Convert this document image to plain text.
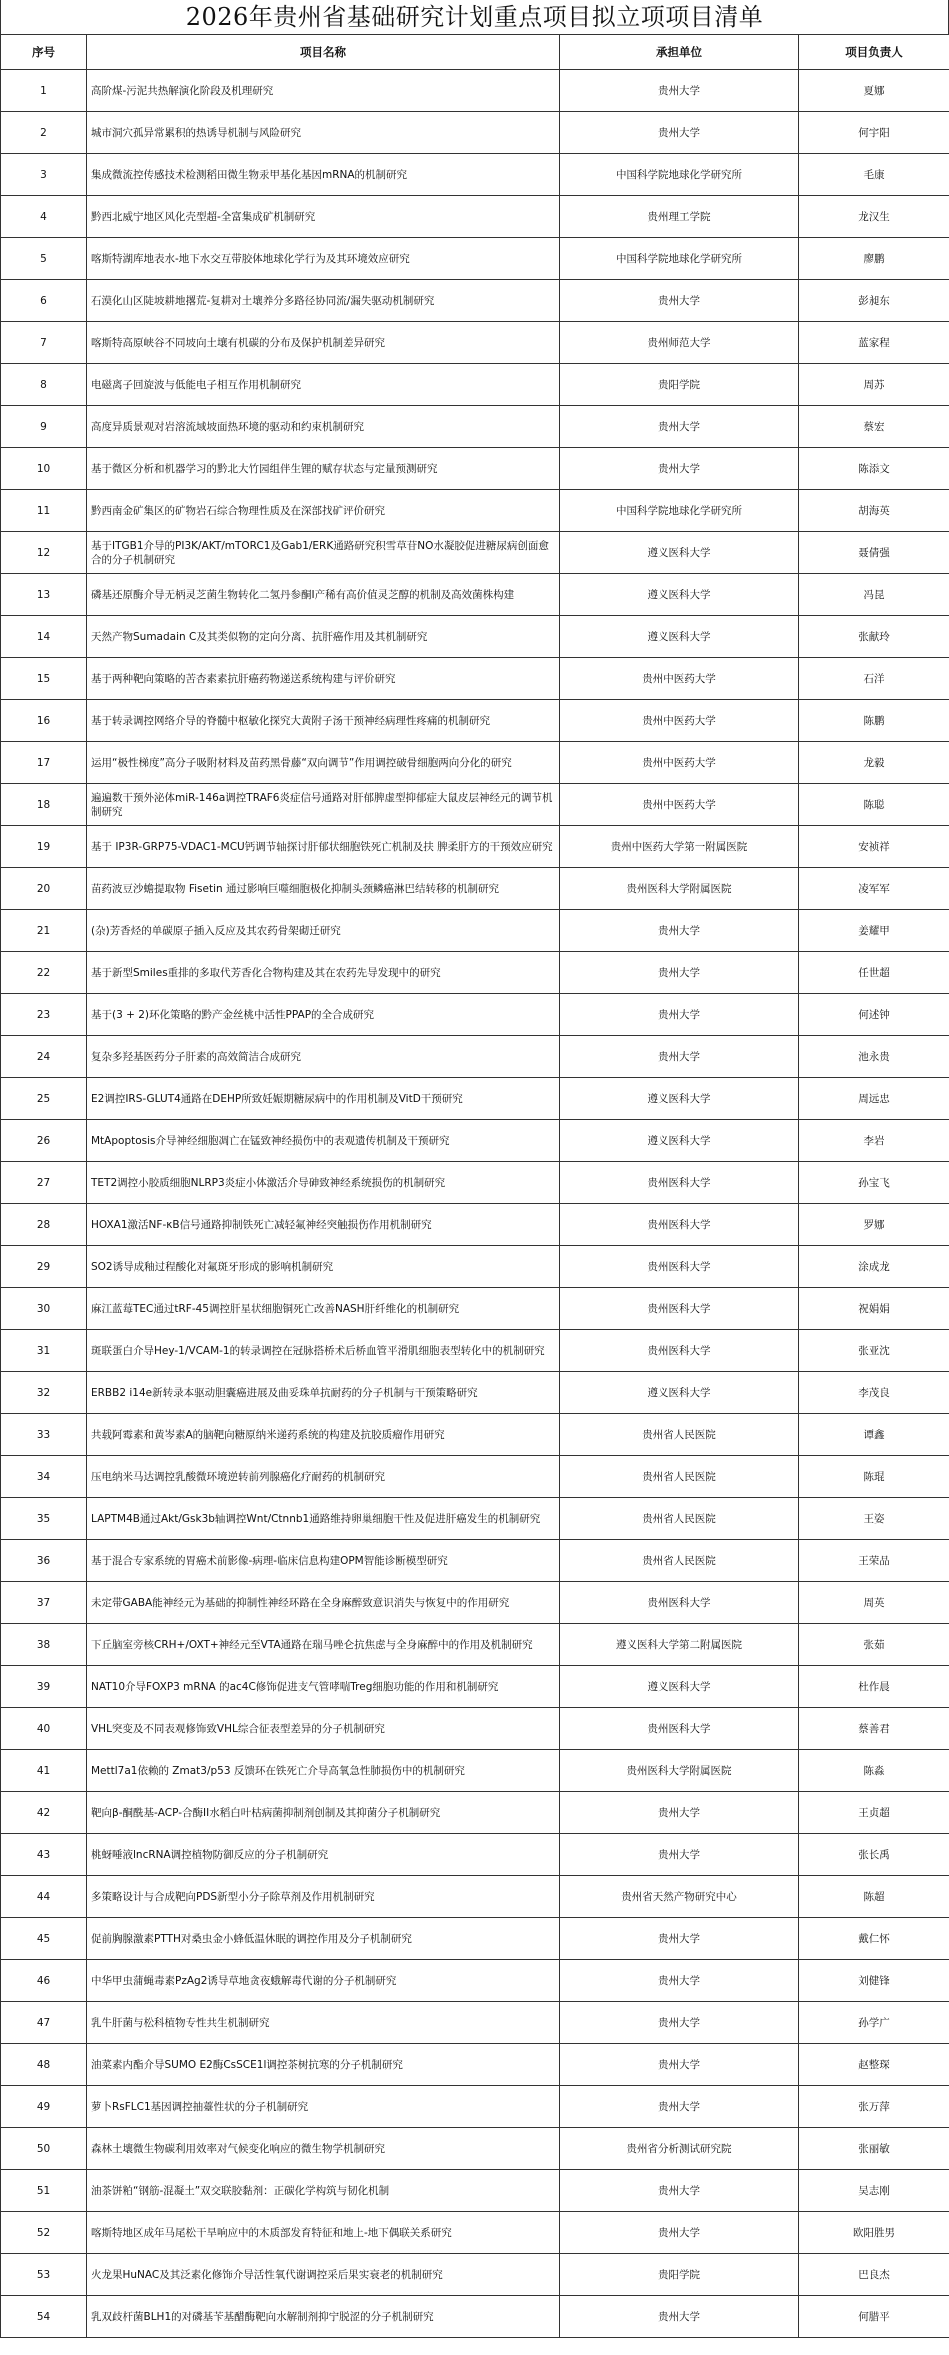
2026年贵州省基础研究计划重点项目拟立项项目清单
序号	项目名称	承担单位	项目负责人
1	高阶煤-污泥共热解演化阶段及机理研究	贵州大学	夏娜
2	城市洞穴孤异常累积的热诱导机制与风险研究	贵州大学	何宇阳
3	集成微流控传感技术检测稻田微生物汞甲基化基因mRNA的机制研究	中国科学院地球化学研究所	毛康
4	黔西北威宁地区风化壳型超-全富集成矿机制研究	贵州理工学院	龙汉生
5	喀斯特湖库地表水-地下水交互带胶体地球化学行为及其环境效应研究	中国科学院地球化学研究所	廖鹏
6	石漠化山区陡坡耕地撂荒-复耕对土壤养分多路径协同流/漏失驱动机制研究	贵州大学	彭昶东
7	喀斯特高原峡谷不同坡向土壤有机碳的分布及保护机制差异研究	贵州师范大学	蓝家程
8	电磁离子回旋波与低能电子相互作用机制研究	贵阳学院	周苏
9	高度异质景观对岩溶流域坡面热环境的驱动和约束机制研究	贵州大学	蔡宏
10	基于微区分析和机器学习的黔北大竹园组伴生锂的赋存状态与定量预测研究	贵州大学	陈添文
11	黔西南金矿集区的矿物岩石综合物理性质及在深部找矿评价研究	中国科学院地球化学研究所	胡海英
12	基于ITGB1介导的PI3K/AKT/mTORC1及Gab1/ERK通路研究积雪草苷NO水凝胶促进糖尿病创面愈合的分子机制研究	遵义医科大学	聂倩强
13	磷基还原酶介导无柄灵芝菌生物转化二氢丹参酮Ⅰ产稀有高价值灵芝醇的机制及高效菌株构建	遵义医科大学	冯昆
14	天然产物Sumadain C及其类似物的定向分离、抗肝癌作用及其机制研究	遵义医科大学	张献玲
15	基于两种靶向策略的苦杏素素抗肝癌药物递送系统构建与评价研究	贵州中医药大学	石洋
16	基于转录调控网络介导的脊髓中枢敏化探究大黄附子汤干预神经病理性疼痛的机制研究	贵州中医药大学	陈鹏
17	运用“极性梯度”高分子吸附材料及苗药黑骨藤“双向调节”作用调控破骨细胞两向分化的研究	贵州中医药大学	龙毅
18	遍遍数干预外泌体miR-146a调控TRAF6炎症信号通路对肝郁脾虚型抑郁症大鼠皮层神经元的调节机制研究	贵州中医药大学	陈聪
19	基于 IP3R-GRP75-VDAC1-MCU钙调节轴探讨肝郁状细胞铁死亡机制及扶 脾柔肝方的干预效应研究	贵州中医药大学第一附属医院	安祯祥
20	苗药波豆沙蟾提取物 Fisetin 通过影响巨噬细胞极化抑制头颈鳞癌淋巴结转移的机制研究	贵州医科大学附属医院	凌军军
21	(杂)芳香烃的单碳原子插入反应及其农药骨架砌迁研究	贵州大学	姜耀甲
22	基于新型Smiles重排的多取代芳香化合物构建及其在农药先导发现中的研究	贵州大学	任世超
23	基于(3 + 2)环化策略的黔产金丝桃中活性PPAP的全合成研究	贵州大学	何述钟
24	复杂多羟基医药分子肝素的高效简洁合成研究	贵州大学	池永贵
25	E2调控IRS-GLUT4通路在DEHP所致妊娠期糖尿病中的作用机制及VitD干预研究	遵义医科大学	周远忠
26	MtApoptosis介导神经细胞凋亡在锰致神经损伤中的表观遗传机制及干预研究	遵义医科大学	李岩
27	TET2调控小胶质细胞NLRP3炎症小体激活介导砷致神经系统损伤的机制研究	贵州医科大学	孙宝飞
28	HOXA1激活NF-κB信号通路抑制铁死亡减轻氟神经突触损伤作用机制研究	贵州医科大学	罗娜
29	SO2诱导成釉过程酸化对氟斑牙形成的影响机制研究	贵州医科大学	涂成龙
30	麻江蓝莓TEC通过tRF-45调控肝星状细胞铜死亡改善NASH肝纤维化的机制研究	贵州医科大学	祝娟娟
31	斑联蛋白介导Hey-1/VCAM-1的转录调控在冠脉搭桥术后桥血管平滑肌细胞表型转化中的机制研究	贵州医科大学	张亚沈
32	ERBB2 i14e新转录本驱动胆囊癌进展及曲妥珠单抗耐药的分子机制与干预策略研究	遵义医科大学	李茂良
33	共载阿霉素和黄岑素A的脑靶向糖原纳米递药系统的构建及抗胶质瘤作用研究	贵州省人民医院	谭鑫
34	压电纳米马达调控乳酸微环境逆转前列腺癌化疗耐药的机制研究	贵州省人民医院	陈琨
35	LAPTM4B通过Akt/Gsk3b轴调控Wnt/Ctnnb1通路维持卵巢细胞干性及促进肝癌发生的机制研究	贵州省人民医院	王姿
36	基于混合专家系统的胃癌术前影像-病理-临床信息构建OPM智能诊断模型研究	贵州省人民医院	王荣品
37	未定带GABA能神经元为基础的抑制性神经环路在全身麻醉致意识消失与恢复中的作用研究	贵州医科大学	周英
38	下丘脑室旁核CRH+/OXT+神经元至VTA通路在瑞马唑仑抗焦虑与全身麻醉中的作用及机制研究	遵义医科大学第二附属医院	张茹
39	NAT10介导FOXP3 mRNA 的ac4C修饰促进支气管哮喘Treg细胞功能的作用和机制研究	遵义医科大学	杜作晨
40	VHL突变及不同表观修饰致VHL综合征表型差异的分子机制研究	贵州医科大学	蔡善君
41	Mettl7a1依赖的 Zmat3/p53 反馈环在铁死亡介导高氧急性肺损伤中的机制研究	贵州医科大学附属医院	陈淼
42	靶向β-酮酰基-ACP-合酶II水稻白叶枯病菌抑制剂创制及其抑菌分子机制研究	贵州大学	王贞超
43	桃蚜唾液lncRNA调控植物防御反应的分子机制研究	贵州大学	张长禹
44	多策略设计与合成靶向PDS新型小分子除草剂及作用机制研究	贵州省天然产物研究中心	陈超
45	促前胸腺激素PTTH对桑虫金小蜂低温休眠的调控作用及分子机制研究	贵州大学	戴仁怀
46	中华甲虫蒲蝇毒素PzAg2诱导草地贪夜蛾解毒代谢的分子机制研究	贵州大学	刘健锋
47	乳牛肝菌与松科植物专性共生机制研究	贵州大学	孙学广
48	油菜素内酯介导SUMO E2酶CsSCE1l调控茶树抗寒的分子机制研究	贵州大学	赵整琛
49	萝卜RsFLC1基因调控抽薹性状的分子机制研究	贵州大学	张万萍
50	森林土壤微生物碳利用效率对气候变化响应的微生物学机制研究	贵州省分析测试研究院	张丽敏
51	油茶饼粕“钢筋-混凝土”双交联胶黏剂：正碳化学构筑与韧化机制	贵州大学	吴志刚
52	喀斯特地区成年马尾松干旱响应中的木质部发育特征和地上-地下偶联关系研究	贵州大学	欧阳胜男
53	火龙果HuNAC及其泛素化修饰介导活性氧代谢调控采后果实衰老的机制研究	贵阳学院	巴良杰
54	乳双歧杆菌BLH1的对磷基苄基醋酶靶向水解制剂抑宁脱涩的分子机制研究	贵州大学	何腊平
